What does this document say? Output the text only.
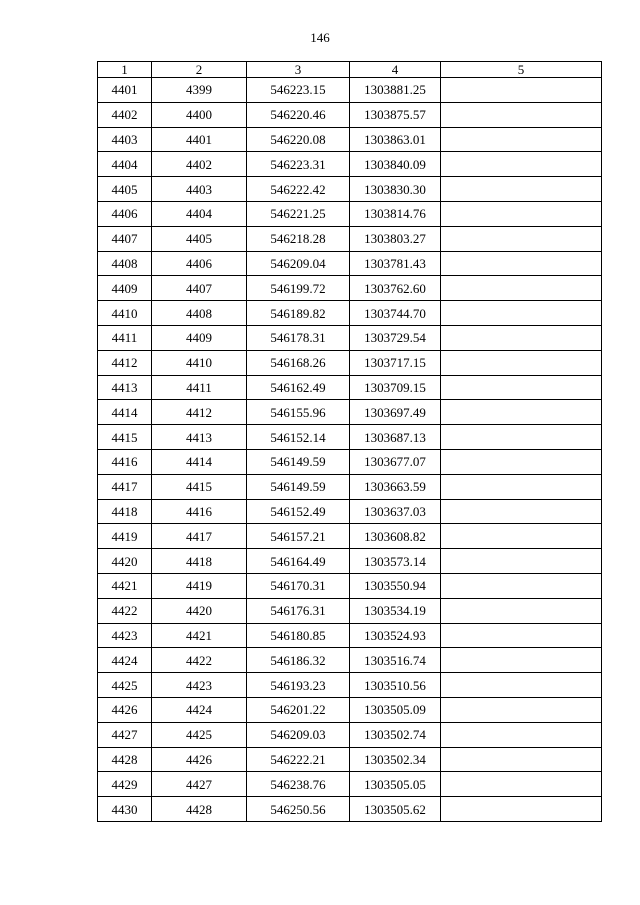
146
1	2	3	4	5
4401	4399	546223.15	1303881.25	
4402	4400	546220.46	1303875.57	
4403	4401	546220.08	1303863.01	
4404	4402	546223.31	1303840.09	
4405	4403	546222.42	1303830.30	
4406	4404	546221.25	1303814.76	
4407	4405	546218.28	1303803.27	
4408	4406	546209.04	1303781.43	
4409	4407	546199.72	1303762.60	
4410	4408	546189.82	1303744.70	
4411	4409	546178.31	1303729.54	
4412	4410	546168.26	1303717.15	
4413	4411	546162.49	1303709.15	
4414	4412	546155.96	1303697.49	
4415	4413	546152.14	1303687.13	
4416	4414	546149.59	1303677.07	
4417	4415	546149.59	1303663.59	
4418	4416	546152.49	1303637.03	
4419	4417	546157.21	1303608.82	
4420	4418	546164.49	1303573.14	
4421	4419	546170.31	1303550.94	
4422	4420	546176.31	1303534.19	
4423	4421	546180.85	1303524.93	
4424	4422	546186.32	1303516.74	
4425	4423	546193.23	1303510.56	
4426	4424	546201.22	1303505.09	
4427	4425	546209.03	1303502.74	
4428	4426	546222.21	1303502.34	
4429	4427	546238.76	1303505.05	
4430	4428	546250.56	1303505.62	
